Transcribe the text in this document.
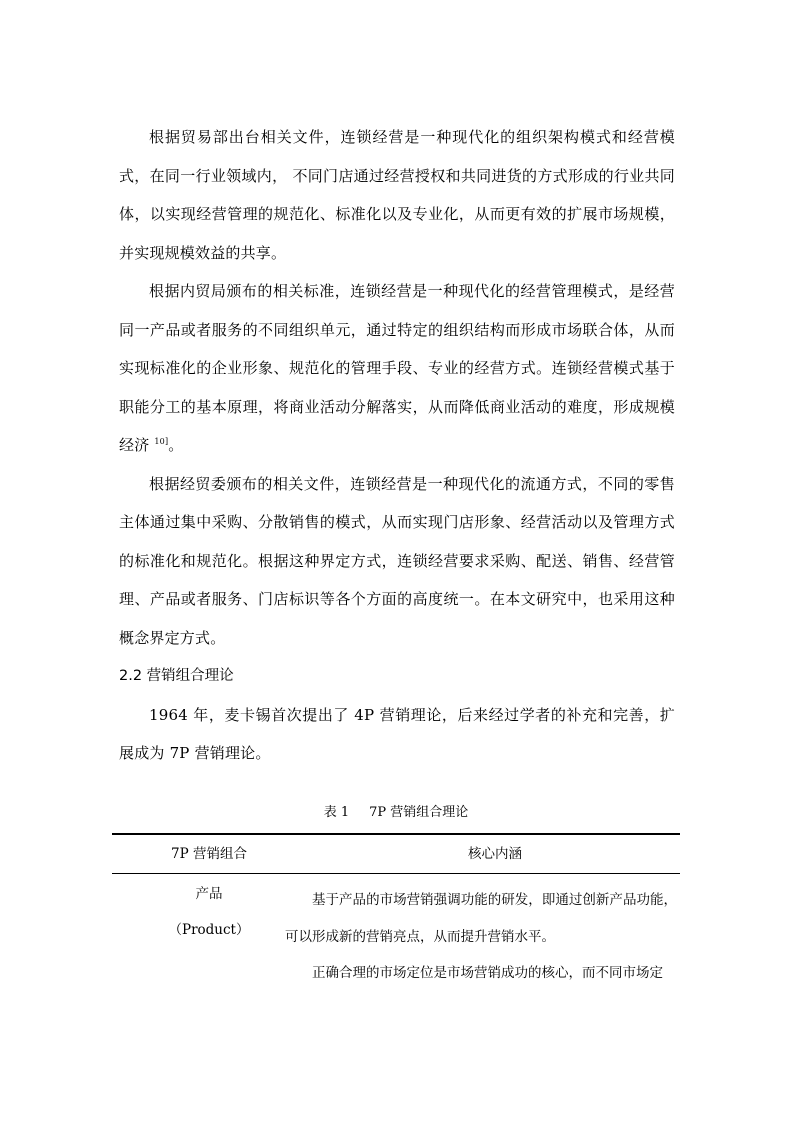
根据贸易部出台相关文件，连锁经营是一种现代化的组织架构模式和经营模式，在同一行业领域内， 不同门店通过经营授权和共同进货的方式形成的行业共同体，以实现经营管理的规范化、标准化以及专业化，从而更有效的扩展市场规模，并实现规模效益的共享。

根据内贸局颁布的相关标准，连锁经营是一种现代化的经营管理模式，是经营同一产品或者服务的不同组织单元，通过特定的组织结构而形成市场联合体，从而实现标准化的企业形象、规范化的管理手段、专业的经营方式。连锁经营模式基于职能分工的基本原理，将商业活动分解落实，从而降低商业活动的难度，形成规模经济 $^{10]}$。

根据经贸委颁布的相关文件，连锁经营是一种现代化的流通方式，不同的零售主体通过集中采购、分散销售的模式，从而实现门店形象、经营活动以及管理方式的标准化和规范化。根据这种界定方式，连锁经营要求采购、配送、销售、经营管理、产品或者服务、门店标识等各个方面的高度统一。在本文研究中，也采用这种概念界定方式。

2.2 营销组合理论

1964 年，麦卡锡首次提出了 4P 营销理论，后来经过学者的补充和完善，扩展成为 7P 营销理论。

表 1 7P 营销组合理论
7P 营销组合	核心内涵
产品
（Product）

基于产品的市场营销强调功能的研发，即通过创新产品功能，可以形成新的营销亮点，从而提升营销水平。

正确合理的市场定位是市场营销成功的核心，而不同市场定
